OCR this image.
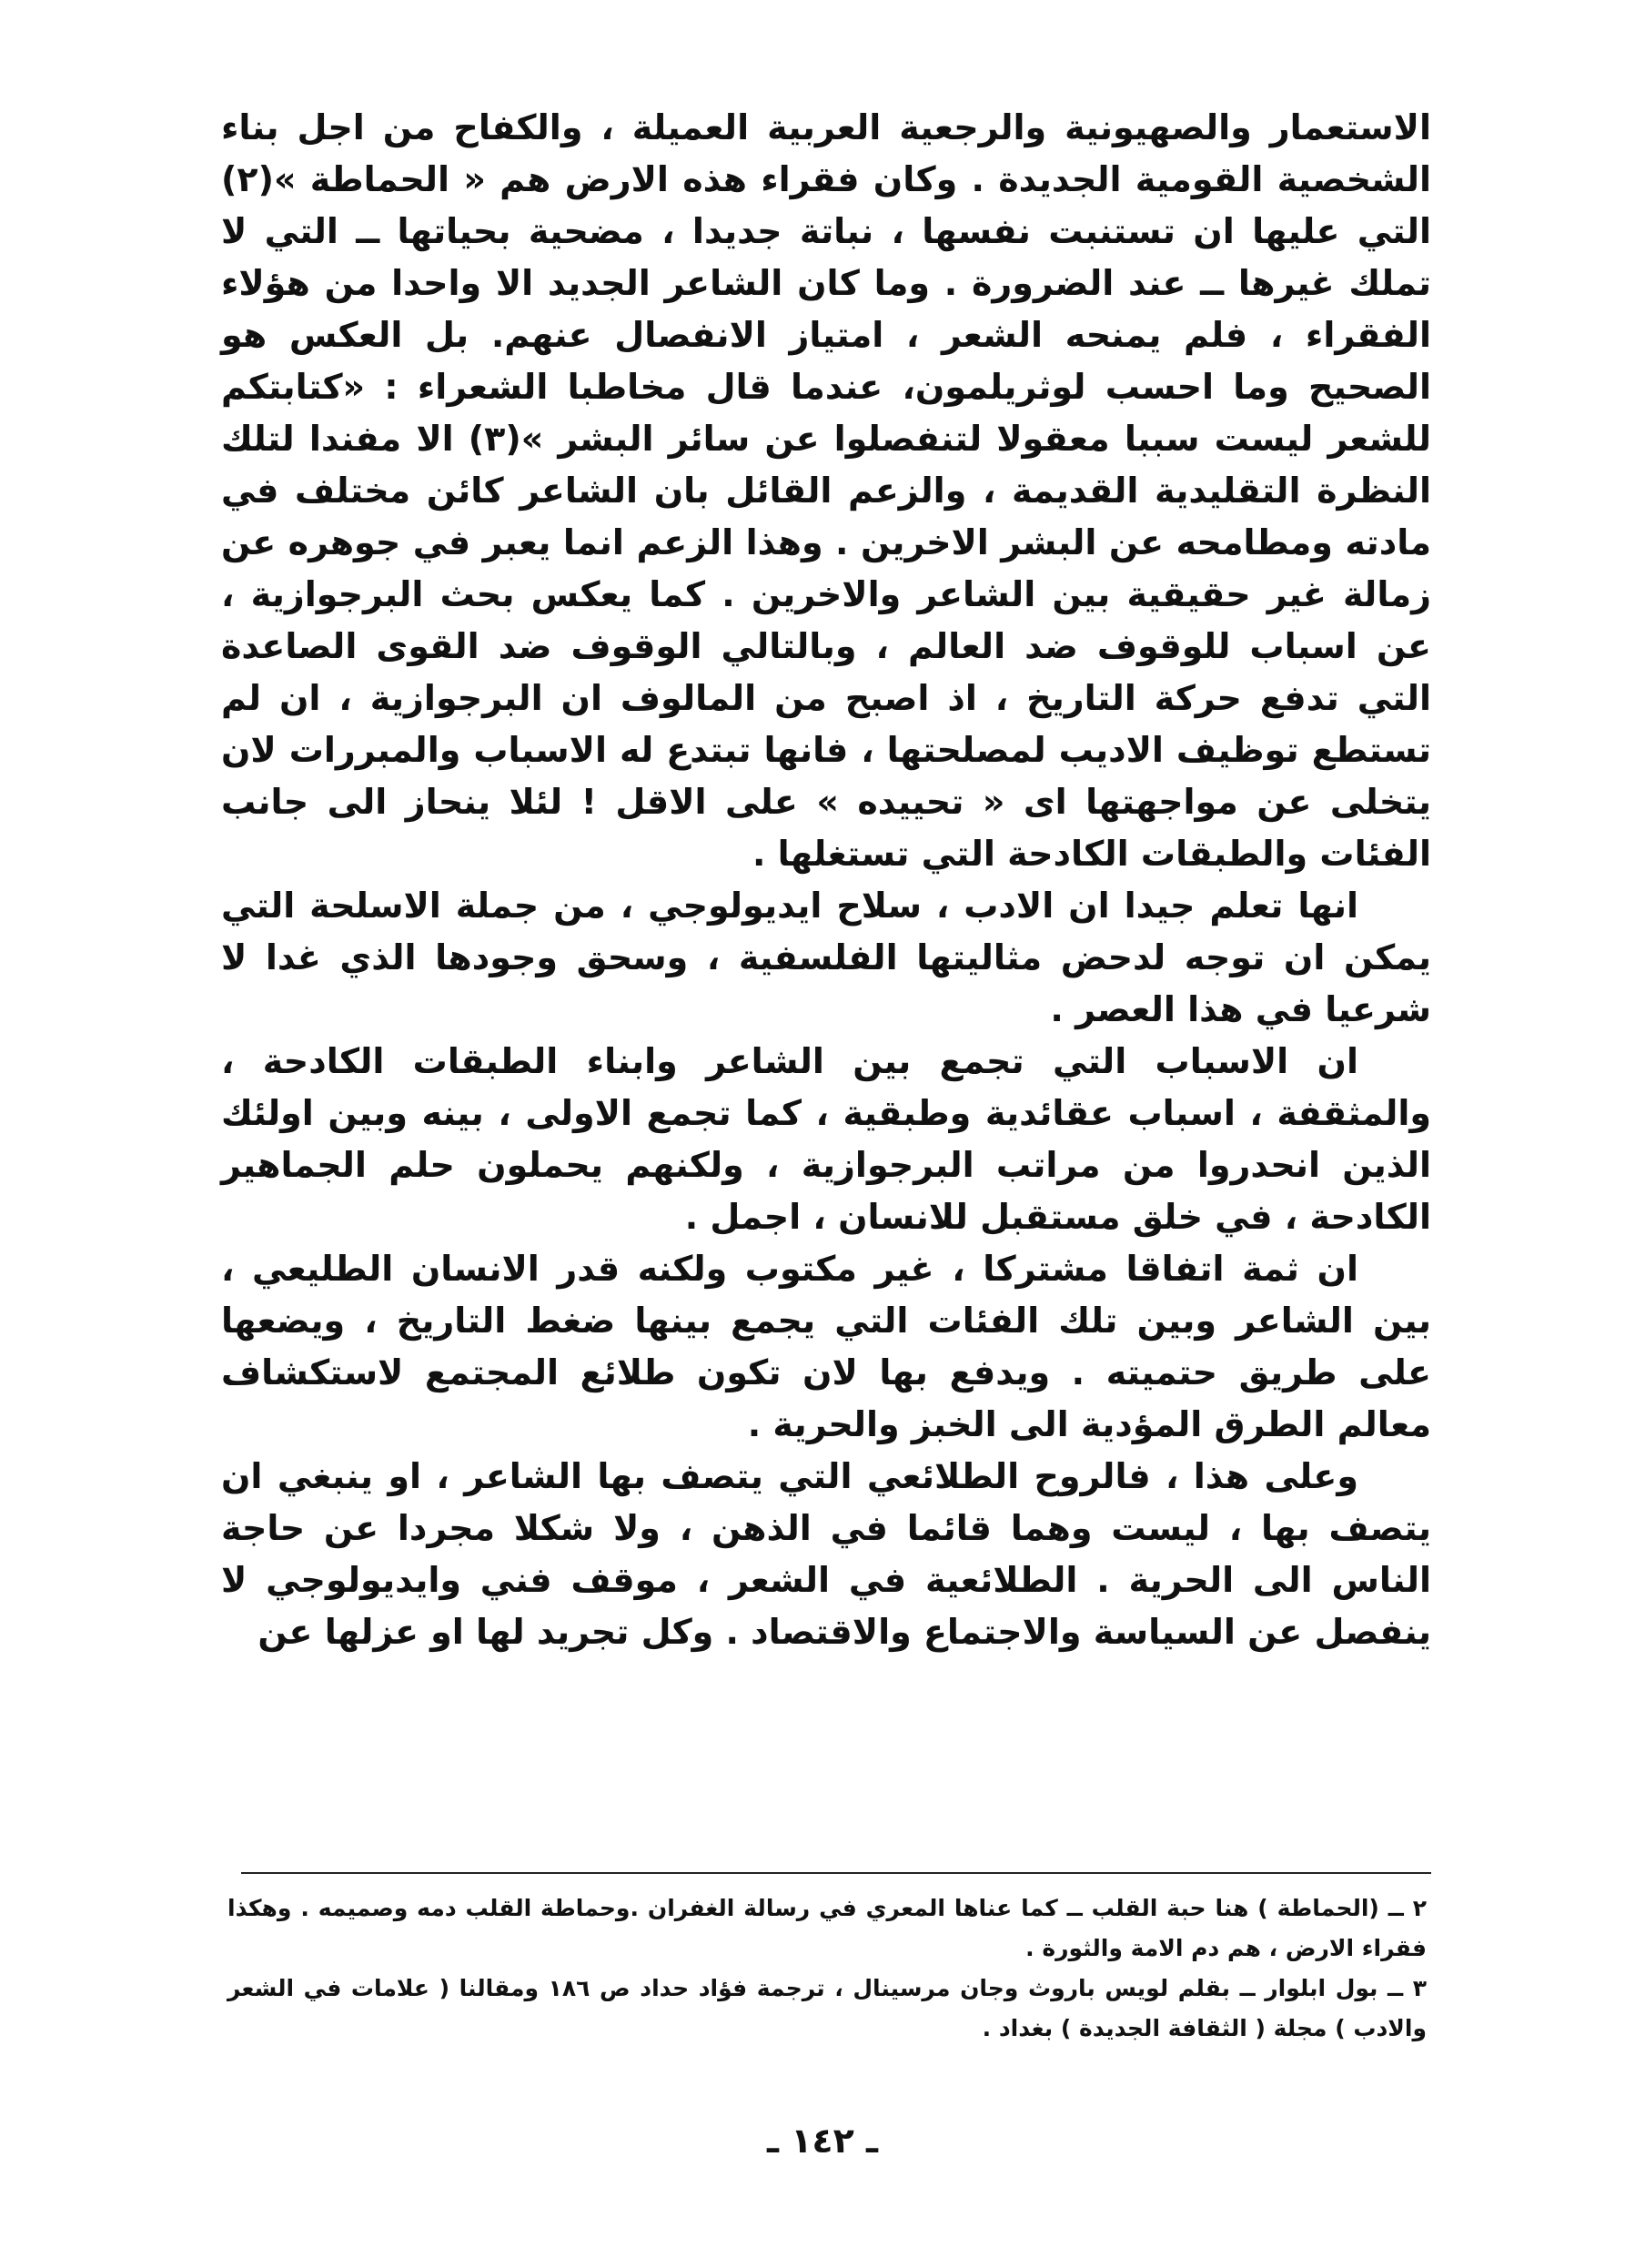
الاستعمار والصهيونية والرجعية العربية العميلة ، والكفاح من اجل بناء الشخصية القومية الجديدة . وكان فقراء هذه الارض هم « الحماطة »(٢) التي عليها ان تستنبت نفسها ، نباتة جديدا ، مضحية بحياتها ــ التي لا تملك غيرها ــ عند الضرورة . وما كان الشاعر الجديد الا واحدا من هؤلاء الفقراء ، فلم يمنحه الشعر ، امتياز الانفصال عنهم. بل العكس هو الصحيح وما احسب لوثريلمون، عندما قال مخاطبا الشعراء : «كتابتكم للشعر ليست سببا معقولا لتنفصلوا عن سائر البشر »(٣) الا مفندا لتلك النظرة التقليدية القديمة ، والزعم القائل بان الشاعر كائن مختلف في مادته ومطامحه عن البشر الاخرين . وهذا الزعم انما يعبر في جوهره عن زمالة غير حقيقية بين الشاعر والاخرين . كما يعكس بحث البرجوازية ، عن اسباب للوقوف ضد العالم ، وبالتالي الوقوف ضد القوى الصاعدة التي تدفع حركة التاريخ ، اذ اصبح من المالوف ان البرجوازية ، ان لم تستطع توظيف الاديب لمصلحتها ، فانها تبتدع له الاسباب والمبررات لان يتخلى عن مواجهتها اى « تحييده » على الاقل ! لئلا ينحاز الى جانب الفئات والطبقات الكادحة التي تستغلها .

انها تعلم جيدا ان الادب ، سلاح ايديولوجي ، من جملة الاسلحة التي يمكن ان توجه لدحض مثاليتها الفلسفية ، وسحق وجودها الذي غدا لا شرعيا في هذا العصر .

ان الاسباب التي تجمع بين الشاعر وابناء الطبقات الكادحة ، والمثقفة ، اسباب عقائدية وطبقية ، كما تجمع الاولى ، بينه وبين اولئك الذين انحدروا من مراتب البرجوازية ، ولكنهم يحملون حلم الجماهير الكادحة ، في خلق مستقبل للانسان ، اجمل .

ان ثمة اتفاقا مشتركا ، غير مكتوب ولكنه قدر الانسان الطليعي ، بين الشاعر وبين تلك الفئات التي يجمع بينها ضغط التاريخ ، ويضعها على طريق حتميته . ويدفع بها لان تكون طلائع المجتمع لاستكشاف معالم الطرق المؤدية الى الخبز والحرية .

وعلى هذا ، فالروح الطلائعي التي يتصف بها الشاعر ، او ينبغي ان يتصف بها ، ليست وهما قائما في الذهن ، ولا شكلا مجردا عن حاجة الناس الى الحرية . الطلائعية في الشعر ، موقف فني وايديولوجي لا ينفصل عن السياسة والاجتماع والاقتصاد . وكل تجريد لها او عزلها عن

٢ ــ (الحماطة ) هنا حبة القلب ــ كما عناها المعري في رسالة الغفران .وحماطة القلب دمه وصميمه . وهكذا فقراء الارض ، هم دم الامة والثورة .

٣ ــ بول ابلوار ــ بقلم لويس باروث وجان مرسينال ، ترجمة فؤاد حداد ص ١٨٦ ومقالنا ( علامات في الشعر والادب ) مجلة ( الثقافة الجديدة ) بغداد .

ـ ١٤٢ ـ
